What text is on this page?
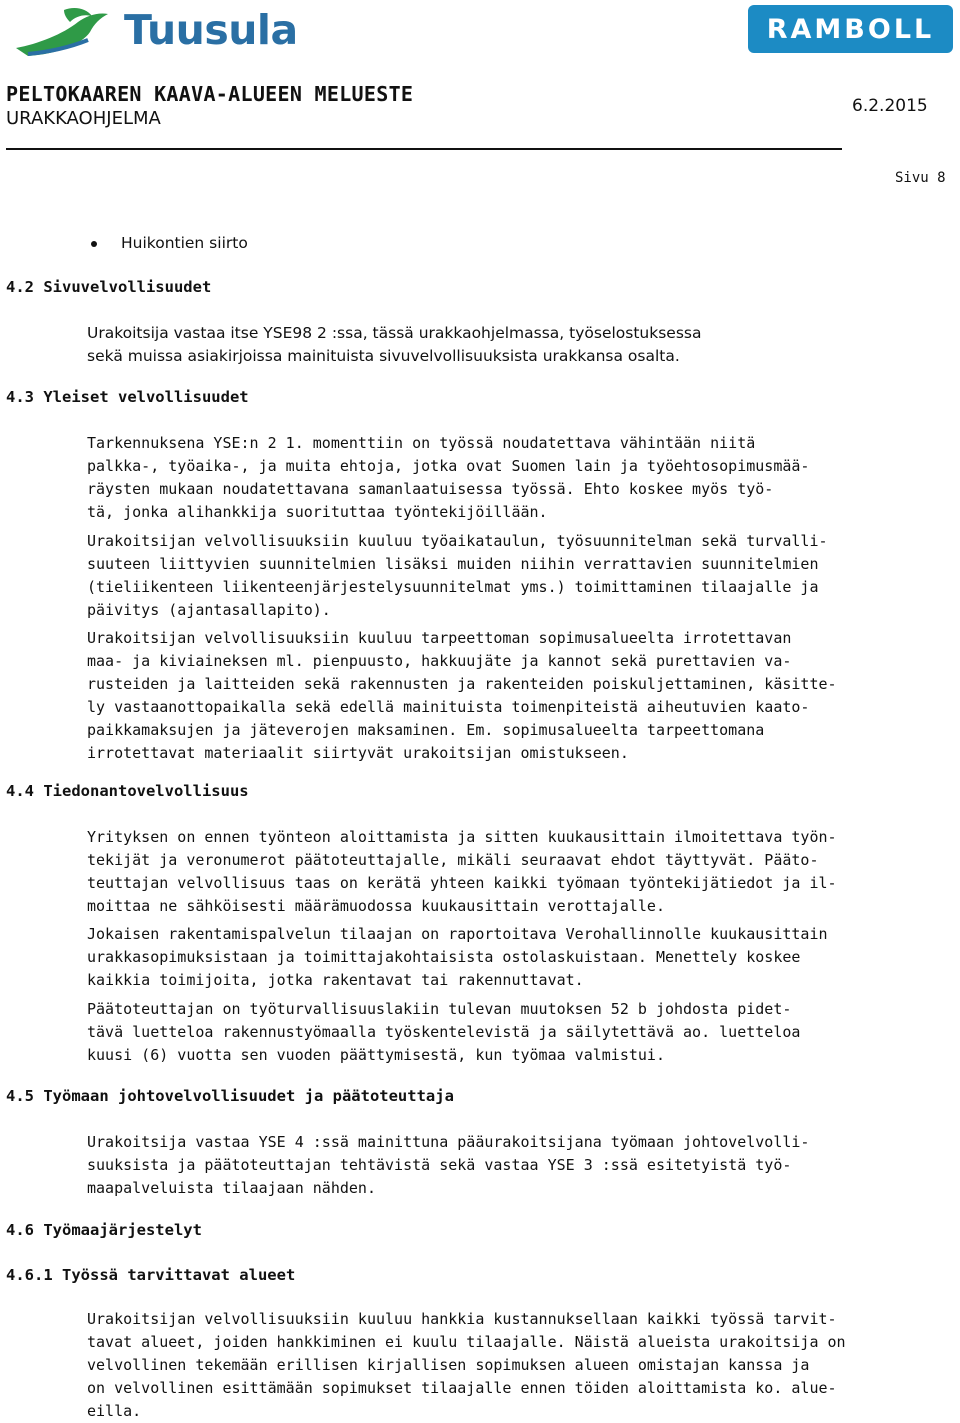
Tuusula	RAMBOLL
PELTOKAAREN KAAVA-ALUEEN MELUESTE
URAKKAOHJELMA
6.2.2015
Sivu 8
Huikontien siirto
4.2 Sivuvelvollisuudet
Urakoitsija vastaa itse YSE98 2 :ssa, tässä urakkaohjelmassa, työselostuksessa
sekä muissa asiakirjoissa mainituista sivuvelvollisuuksista urakkansa osalta.
4.3 Yleiset velvollisuudet
Tarkennuksena YSE:n 2 1. momenttiin on työssä noudatettava vähintään niitä
palkka-, työaika-, ja muita ehtoja, jotka ovat Suomen lain ja työehtosopimusmää-
räysten mukaan noudatettavana samanlaatuisessa työssä. Ehto koskee myös työ-
tä, jonka alihankkija suorituttaa työntekijöillään.
Urakoitsijan velvollisuuksiin kuuluu työaikataulun, työsuunnitelman sekä turvalli-
suuteen liittyvien suunnitelmien lisäksi muiden niihin verrattavien suunnitelmien
(tieliikenteen liikenteenjärjestelysuunnitelmat yms.) toimittaminen tilaajalle ja
päivitys (ajantasallapito).
Urakoitsijan velvollisuuksiin kuuluu tarpeettoman sopimusalueelta irrotettavan
maa- ja kiviaineksen ml. pienpuusto, hakkuujäte ja kannot sekä purettavien va-
rusteiden ja laitteiden sekä rakennusten ja rakenteiden poiskuljettaminen, käsitte-
ly vastaanottopaikalla sekä edellä mainituista toimenpiteistä aiheutuvien kaato-
paikkamaksujen ja jäteverojen maksaminen. Em. sopimusalueelta tarpeettomana
irrotettavat materiaalit siirtyvät urakoitsijan omistukseen.
4.4 Tiedonantovelvollisuus
Yrityksen on ennen työnteon aloittamista ja sitten kuukausittain ilmoitettava työn-
tekijät ja veronumerot päätoteuttajalle, mikäli seuraavat ehdot täyttyvät. Pääto-
teuttajan velvollisuus taas on kerätä yhteen kaikki työmaan työntekijätiedot ja il-
moittaa ne sähköisesti määrämuodossa kuukausittain verottajalle.
Jokaisen rakentamispalvelun tilaajan on raportoitava Verohallinnolle kuukausittain
urakkasopimuksistaan ja toimittajakohtaisista ostolaskuistaan. Menettely koskee
kaikkia toimijoita, jotka rakentavat tai rakennuttavat.
Päätoteuttajan on työturvallisuuslakiin tulevan muutoksen 52 b johdosta pidet-
tävä luetteloa rakennustyömaalla työskentelevistä ja säilytettävä ao. luetteloa
kuusi (6) vuotta sen vuoden päättymisestä, kun työmaa valmistui.
4.5 Työmaan johtovelvollisuudet ja päätoteuttaja
Urakoitsija vastaa YSE 4 :ssä mainittuna pääurakoitsijana työmaan johtovelvolli-
suuksista ja päätoteuttajan tehtävistä sekä vastaa YSE 3 :ssä esitetyistä työ-
maapalveluista tilaajaan nähden.
4.6 Työmaajärjestelyt
4.6.1 Työssä tarvittavat alueet
Urakoitsijan velvollisuuksiin kuuluu hankkia kustannuksellaan kaikki työssä tarvit-
tavat alueet, joiden hankkiminen ei kuulu tilaajalle. Näistä alueista urakoitsija on
velvollinen tekemään erillisen kirjallisen sopimuksen alueen omistajan kanssa ja
on velvollinen esittämään sopimukset tilaajalle ennen töiden aloittamista ko. alue-
eilla.
